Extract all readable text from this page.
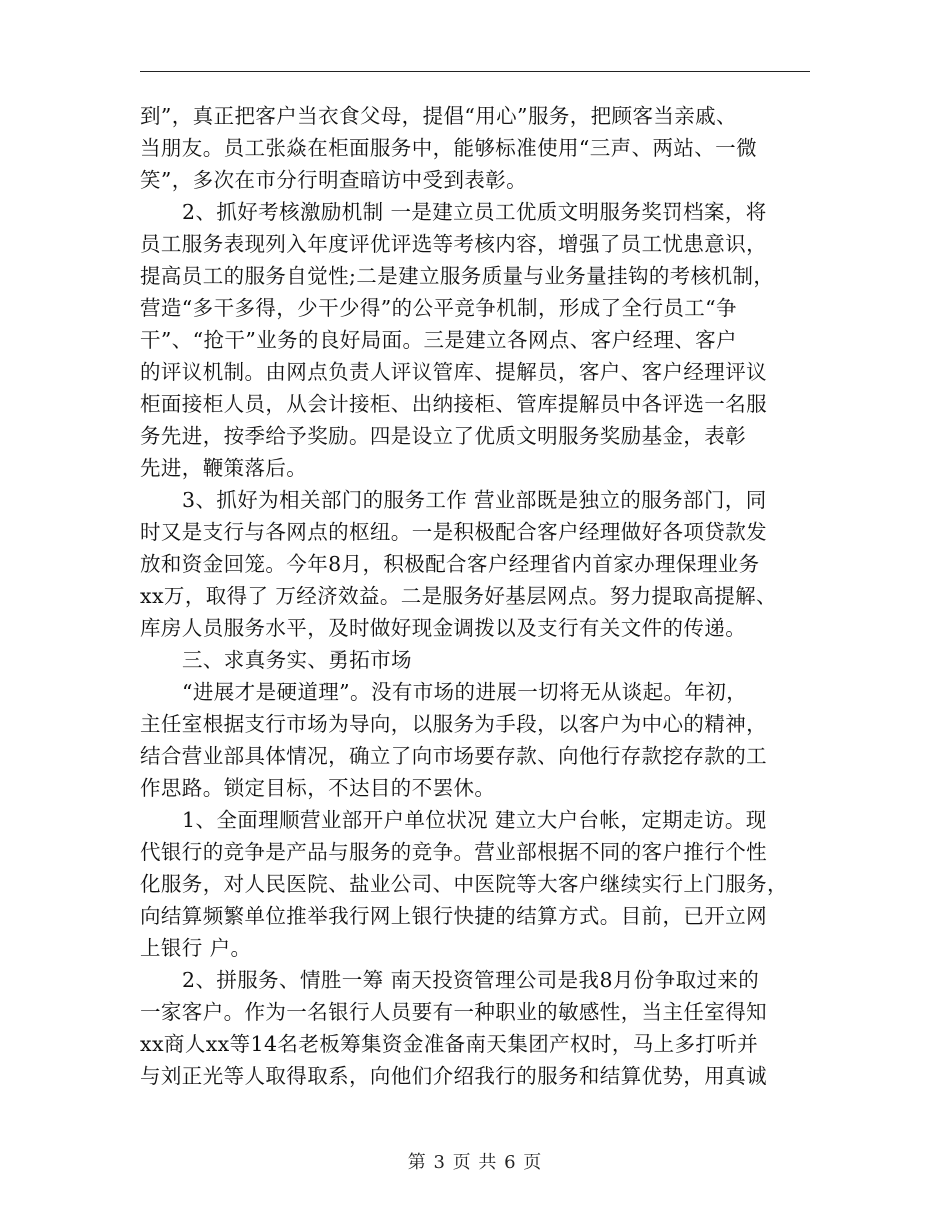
到”，真正把客户当衣食父母，提倡“用心”服务，把顾客当亲戚、
当朋友。员工张焱在柜面服务中，能够标准使用“三声、两站、一微
笑”，多次在市分行明查暗访中受到表彰。
2、抓好考核激励机制 一是建立员工优质文明服务奖罚档案，将
员工服务表现列入年度评优评选等考核内容，增强了员工忧患意识，
提高员工的服务自觉性;二是建立服务质量与业务量挂钩的考核机制，
营造“多干多得，少干少得”的公平竞争机制，形成了全行员工“争
干”、“抢干”业务的良好局面。三是建立各网点、客户经理、客户
的评议机制。由网点负责人评议管库、提解员，客户、客户经理评议
柜面接柜人员，从会计接柜、出纳接柜、管库提解员中各评选一名服
务先进，按季给予奖励。四是设立了优质文明服务奖励基金，表彰
先进，鞭策落后。
3、抓好为相关部门的服务工作 营业部既是独立的服务部门，同
时又是支行与各网点的枢纽。一是积极配合客户经理做好各项贷款发
放和资金回笼。今年8月，积极配合客户经理省内首家办理保理业务
xx万，取得了 万经济效益。二是服务好基层网点。努力提取高提解、
库房人员服务水平，及时做好现金调拨以及支行有关文件的传递。
三、求真务实、勇拓市场
“进展才是硬道理”。没有市场的进展一切将无从谈起。年初，
主任室根据支行市场为导向，以服务为手段，以客户为中心的精神，
结合营业部具体情况，确立了向市场要存款、向他行存款挖存款的工
作思路。锁定目标，不达目的不罢休。
1、全面理顺营业部开户单位状况 建立大户台帐，定期走访。现
代银行的竞争是产品与服务的竞争。营业部根据不同的客户推行个性
化服务，对人民医院、盐业公司、中医院等大客户继续实行上门服务，
向结算频繁单位推举我行网上银行快捷的结算方式。目前，已开立网
上银行 户。
2、拼服务、情胜一筹 南天投资管理公司是我8月份争取过来的
一家客户。作为一名银行人员要有一种职业的敏感性，当主任室得知
xx商人xx等14名老板筹集资金准备南天集团产权时，马上多打听并
与刘正光等人取得取系，向他们介绍我行的服务和结算优势，用真诚
第 3 页 共 6 页
